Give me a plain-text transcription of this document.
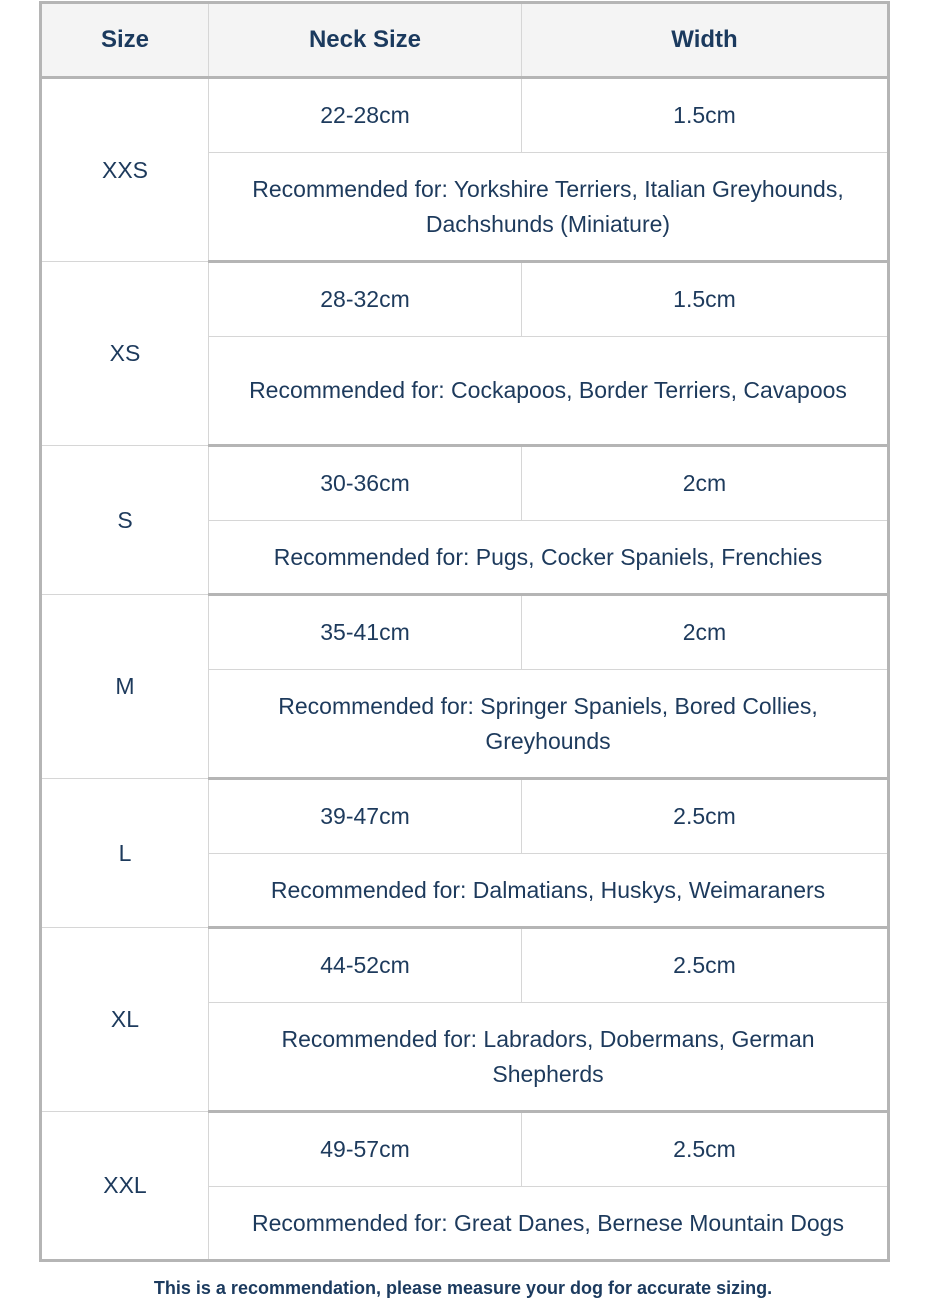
Size	Neck Size	Width
XXS	22-28cm	1.5cm
	Recommended for: Yorkshire Terriers, Italian Greyhounds, Dachshunds (Miniature)	
XS	28-32cm	1.5cm
	Recommended for: Cockapoos, Border Terriers, Cavapoos	
S	30-36cm	2cm
	Recommended for: Pugs, Cocker Spaniels, Frenchies	
M	35-41cm	2cm
	Recommended for: Springer Spaniels, Bored Collies, Greyhounds	
L	39-47cm	2.5cm
	Recommended for: Dalmatians, Huskys, Weimaraners	
XL	44-52cm	2.5cm
	Recommended for: Labradors, Dobermans, German Shepherds	
XXL	49-57cm	2.5cm
	Recommended for: Great Danes, Bernese Mountain Dogs	

This is a recommendation, please measure your dog for accurate sizing.
